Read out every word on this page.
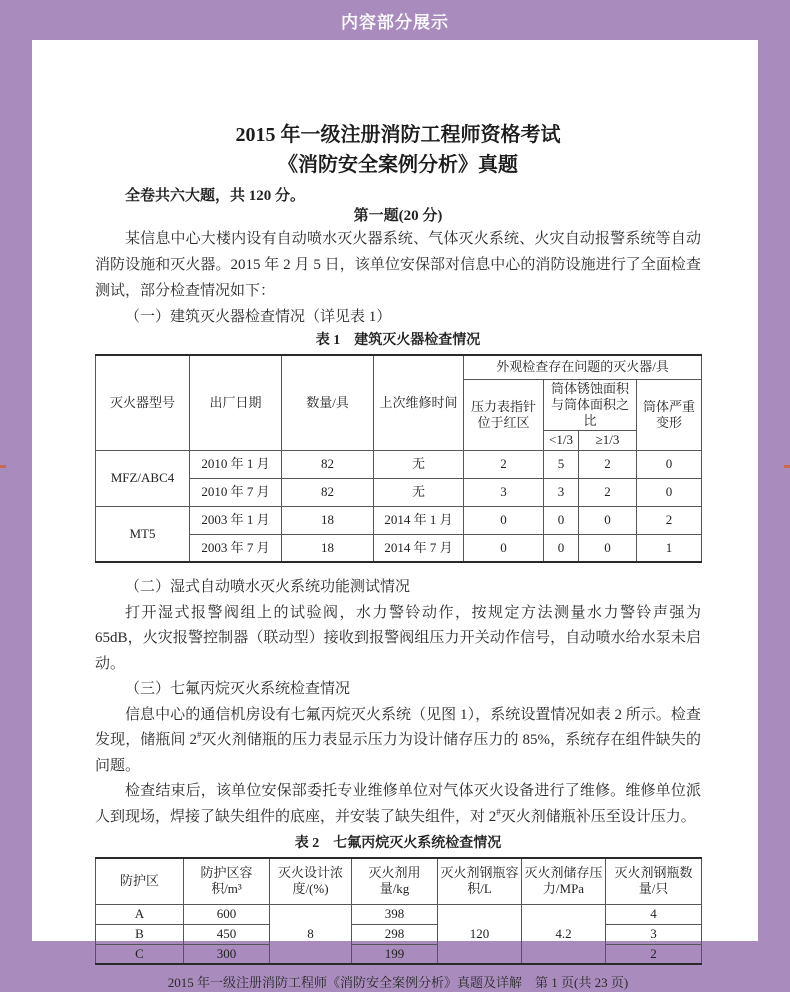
内容部分展示
2015 年一级注册消防工程师资格考试
《消防安全案例分析》真题

全卷共六大题，共 120 分。

第一题(20 分)

某信息中心大楼内设有自动喷水灭火器系统、气体灭火系统、火灾自动报警系统等自动消防设施和灭火器。2015 年 2 月 5 日，该单位安保部对信息中心的消防设施进行了全面检查测试，部分检查情况如下：

（一）建筑灭火器检查情况（详见表 1）

表 1　建筑灭火器检查情况

灭火器型号	出厂日期	数量/具	上次维修时间	外观检查存在问题的灭火器/具			
				压力表指针位于红区	筒体锈蚀面积与筒体面积之比		筒体严重变形
					<1/3	≥1/3	
MFZ/ABC4	2010 年 1 月	82	无	2	5	2	0
	2010 年 7 月	82	无	3	3	2	0
MT5	2003 年 1 月	18	2014 年 1 月	0	0	0	2
	2003 年 7 月	18	2014 年 7 月	0	0	0	1

（二）湿式自动喷水灭火系统功能测试情况

打开湿式报警阀组上的试验阀，水力警铃动作，按规定方法测量水力警铃声强为 65dB，火灾报警控制器（联动型）接收到报警阀组压力开关动作信号，自动喷水给水泵未启动。

（三）七氟丙烷灭火系统检查情况

信息中心的通信机房设有七氟丙烷灭火系统（见图 1），系统设置情况如表 2 所示。检查发现，储瓶间 2#灭火剂储瓶的压力表显示压力为设计储存压力的 85%，系统存在组件缺失的问题。

检查结束后，该单位安保部委托专业维修单位对气体灭火设备进行了维修。维修单位派人到现场，焊接了缺失组件的底座，并安装了缺失组件，对 2#灭火剂储瓶补压至设计压力。

表 2　七氟丙烷灭火系统检查情况

防护区	防护区容积/m³	灭火设计浓度/(%)	灭火剂用量/kg	灭火剂钢瓶容积/L	灭火剂储存压力/MPa	灭火剂钢瓶数量/只
A	600	8	398	120	4.2	4
B	450		298			3
C	300		199			2

2015 年一级注册消防工程师《消防安全案例分析》真题及详解　第 1 页(共 23 页)
